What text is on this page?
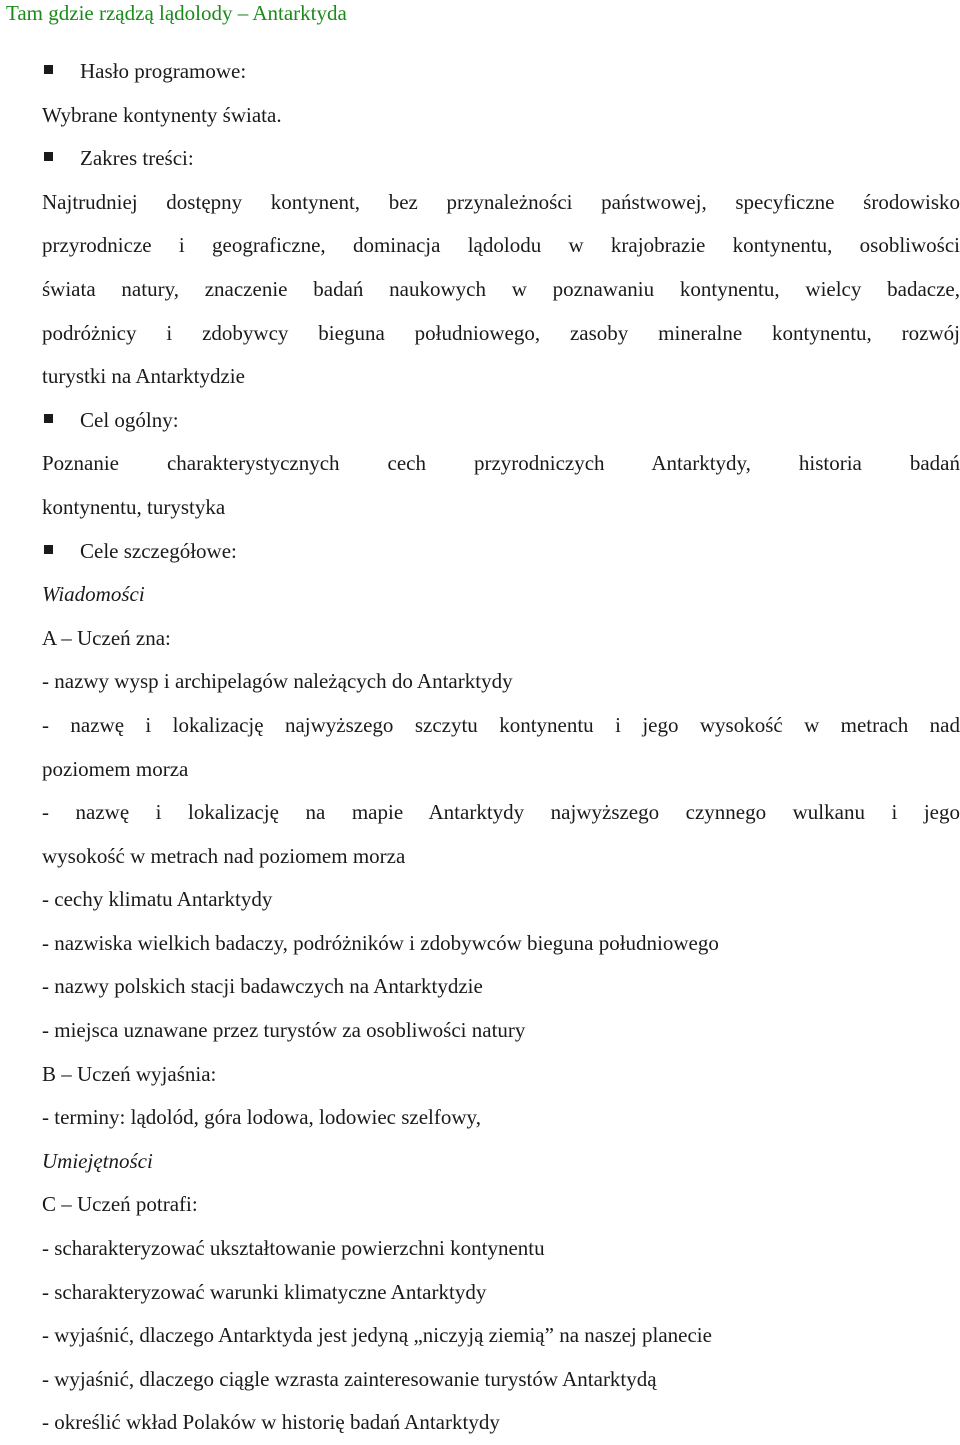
Tam gdzie rządzą lądolody – Antarktyda
Hasło programowe:
Wybrane kontynenty świata.
Zakres treści:
Najtrudniej dostępny kontynent, bez przynależności państwowej, specyficzne środowisko
przyrodnicze i geograficzne, dominacja lądolodu w krajobrazie kontynentu, osobliwości
świata natury, znaczenie badań naukowych w poznawaniu kontynentu, wielcy badacze,
podróżnicy i zdobywcy bieguna południowego, zasoby mineralne kontynentu, rozwój
turystki na Antarktydzie
Cel ogólny:
Poznanie charakterystycznych cech przyrodniczych Antarktydy, historia badań
kontynentu, turystyka
Cele szczegółowe:
Wiadomości
A – Uczeń zna:
- nazwy wysp i archipelagów należących do Antarktydy
- nazwę i lokalizację najwyższego szczytu kontynentu i jego wysokość w metrach nad
poziomem morza
- nazwę i lokalizację na mapie Antarktydy najwyższego czynnego wulkanu i jego
wysokość w metrach nad poziomem morza
- cechy klimatu Antarktydy
- nazwiska wielkich badaczy, podróżników i zdobywców bieguna południowego
- nazwy polskich stacji badawczych na Antarktydzie
- miejsca uznawane przez turystów za osobliwości natury
B – Uczeń wyjaśnia:
- terminy: lądolód, góra lodowa, lodowiec szelfowy,
Umiejętności
C – Uczeń potrafi:
- scharakteryzować ukształtowanie powierzchni kontynentu
- scharakteryzować warunki klimatyczne Antarktydy
- wyjaśnić, dlaczego Antarktyda jest jedyną „niczyją ziemią” na naszej planecie
- wyjaśnić, dlaczego ciągle wzrasta zainteresowanie turystów Antarktydą
- określić wkład Polaków w historię badań Antarktydy
